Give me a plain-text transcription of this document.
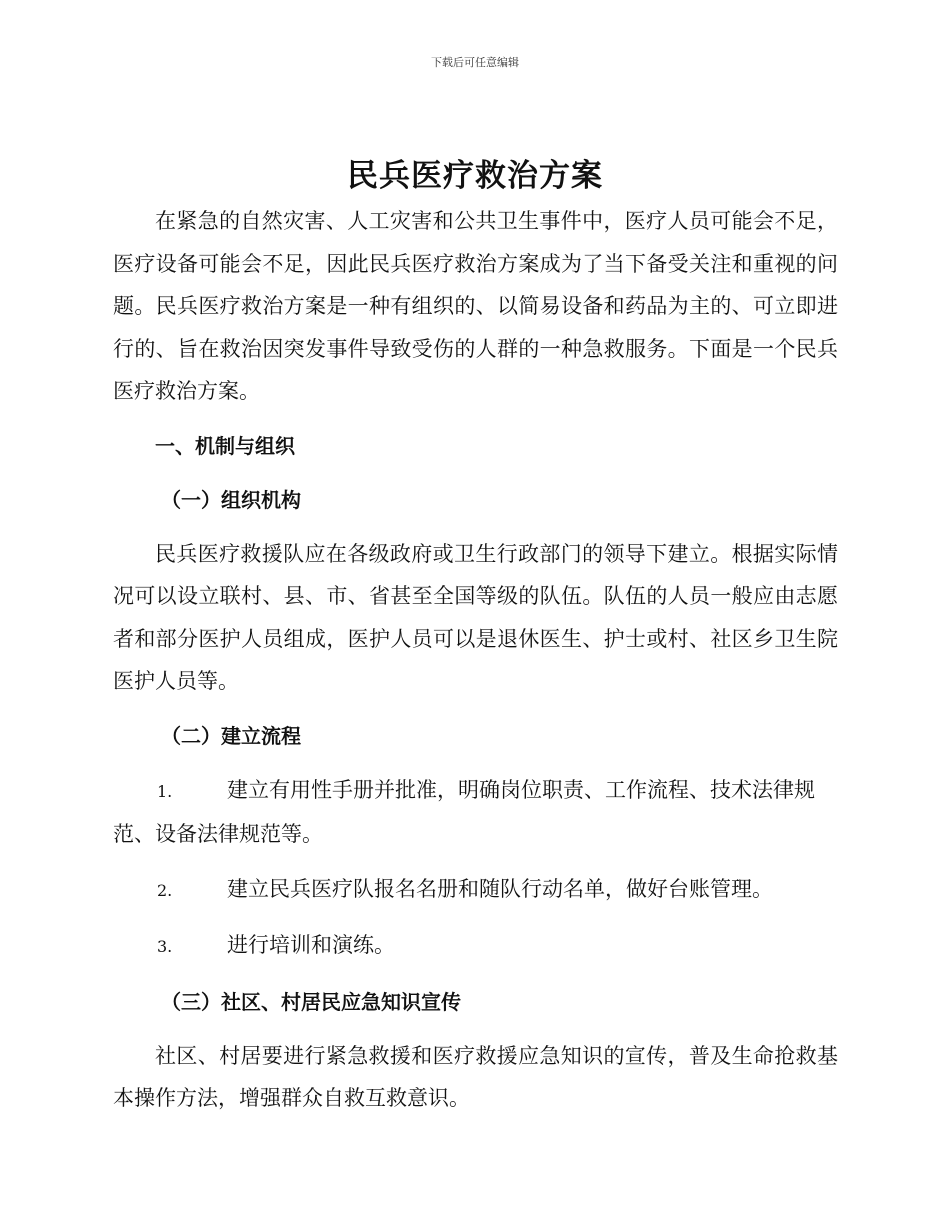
下载后可任意编辑
民兵医疗救治方案

在紧急的自然灾害、人工灾害和公共卫生事件中，医疗人员可能会不足，医疗设备可能会不足，因此民兵医疗救治方案成为了当下备受关注和重视的问题。民兵医疗救治方案是一种有组织的、以简易设备和药品为主的、可立即进行的、旨在救治因突发事件导致受伤的人群的一种急救服务。下面是一个民兵医疗救治方案。

一、机制与组织

（一）组织机构

民兵医疗救援队应在各级政府或卫生行政部门的领导下建立。根据实际情况可以设立联村、县、市、省甚至全国等级的队伍。队伍的人员一般应由志愿者和部分医护人员组成，医护人员可以是退休医生、护士或村、社区乡卫生院医护人员等。

（二）建立流程

1.	建立有用性手册并批准，明确岗位职责、工作流程、技术法律规范、设备法律规范等。

2.	建立民兵医疗队报名名册和随队行动名单，做好台账管理。

3.	进行培训和演练。

（三）社区、村居民应急知识宣传

社区、村居要进行紧急救援和医疗救援应急知识的宣传，普及生命抢救基本操作方法，增强群众自救互救意识。
